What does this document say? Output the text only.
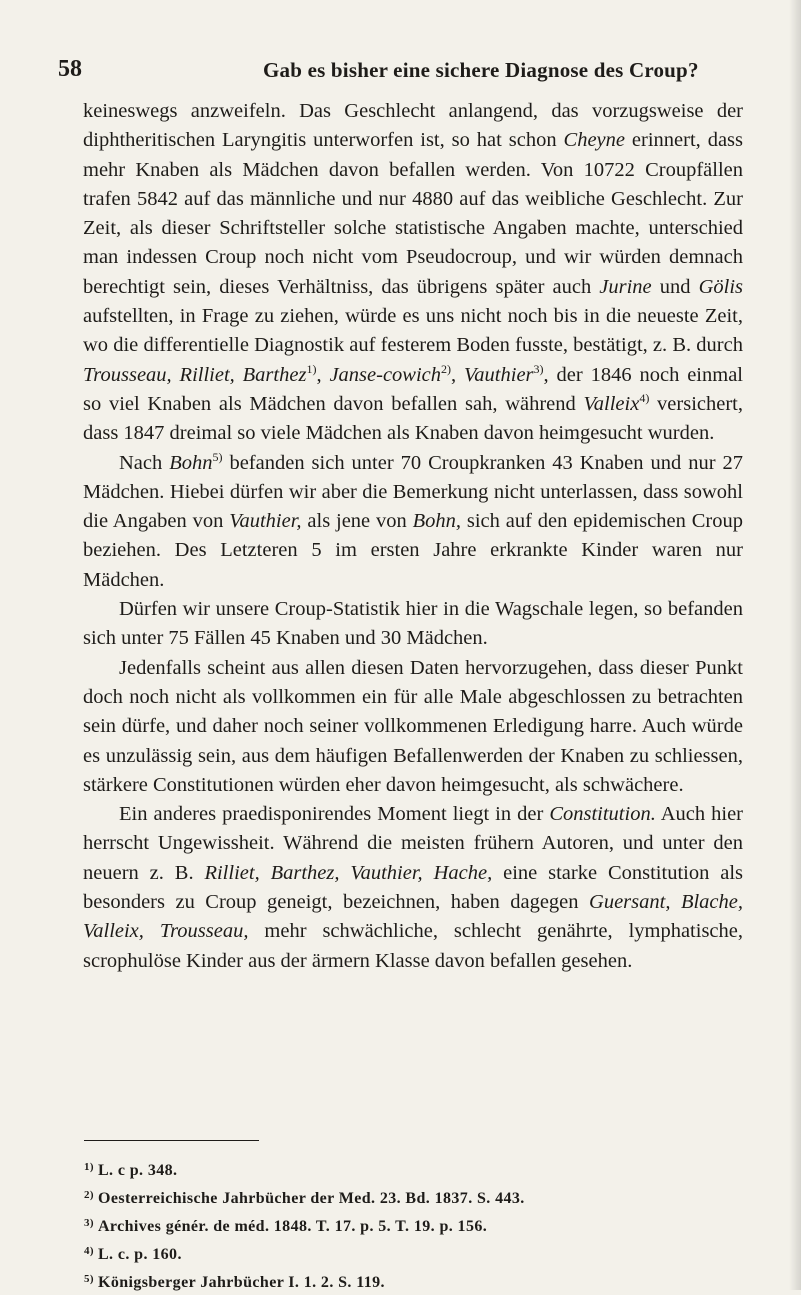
58	Gab es bisher eine sichere Diagnose des Croup?

keineswegs anzweifeln. Das Geschlecht anlangend, das vorzugsweise der diphtheritischen Laryngitis unterworfen ist, so hat schon Cheyne erinnert, dass mehr Knaben als Mädchen davon befallen werden. Von 10722 Croupfällen trafen 5842 auf das männliche und nur 4880 auf das weibliche Geschlecht. Zur Zeit, als dieser Schriftsteller solche statistische Angaben machte, unterschied man indessen Croup noch nicht vom Pseudocroup, und wir würden demnach berechtigt sein, dieses Verhältniss, das übrigens später auch Jurine und Gölis aufstellten, in Frage zu ziehen, würde es uns nicht noch bis in die neueste Zeit, wo die differentielle Diagnostik auf festerem Boden fusste, bestätigt, z. B. durch Trousseau, Rilliet, Barthez$^{1)}$, Janse-cowich$^{2)}$, Vauthier$^{3)}$, der 1846 noch einmal so viel Knaben als Mädchen davon befallen sah, während Valleix$^{4)}$ versichert, dass 1847 dreimal so viele Mädchen als Knaben davon heimgesucht wurden.

Nach Bohn$^{5)}$ befanden sich unter 70 Croupkranken 43 Knaben und nur 27 Mädchen. Hiebei dürfen wir aber die Bemerkung nicht unterlassen, dass sowohl die Angaben von Vauthier, als jene von Bohn, sich auf den epidemischen Croup beziehen. Des Letzteren 5 im ersten Jahre erkrankte Kinder waren nur Mädchen.

Dürfen wir unsere Croup-Statistik hier in die Wagschale legen, so befanden sich unter 75 Fällen 45 Knaben und 30 Mädchen.

Jedenfalls scheint aus allen diesen Daten hervorzugehen, dass dieser Punkt doch noch nicht als vollkommen ein für alle Male abgeschlossen zu betrachten sein dürfe, und daher noch seiner vollkommenen Erledigung harre. Auch würde es unzulässig sein, aus dem häufigen Befallenwerden der Knaben zu schliessen, stärkere Constitutionen würden eher davon heimgesucht, als schwächere.

Ein anderes praedisponirendes Moment liegt in der Constitution. Auch hier herrscht Ungewissheit. Während die meisten frühern Autoren, und unter den neuern z. B. Rilliet, Barthez, Vauthier, Hache, eine starke Constitution als besonders zu Croup geneigt, bezeichnen, haben dagegen Guersant, Blache, Valleix, Trousseau, mehr schwächliche, schlecht genährte, lymphatische, scrophulöse Kinder aus der ärmern Klasse davon befallen gesehen.

$^{1)}$ L. c p. 348.
$^{2)}$ Oesterreichische Jahrbücher der Med. 23. Bd. 1837. S. 443.
$^{3)}$ Archives génér. de méd. 1848. T. 17. p. 5. T. 19. p. 156.
$^{4)}$ L. c. p. 160.
$^{5)}$ Königsberger Jahrbücher I. 1. 2. S. 119.
